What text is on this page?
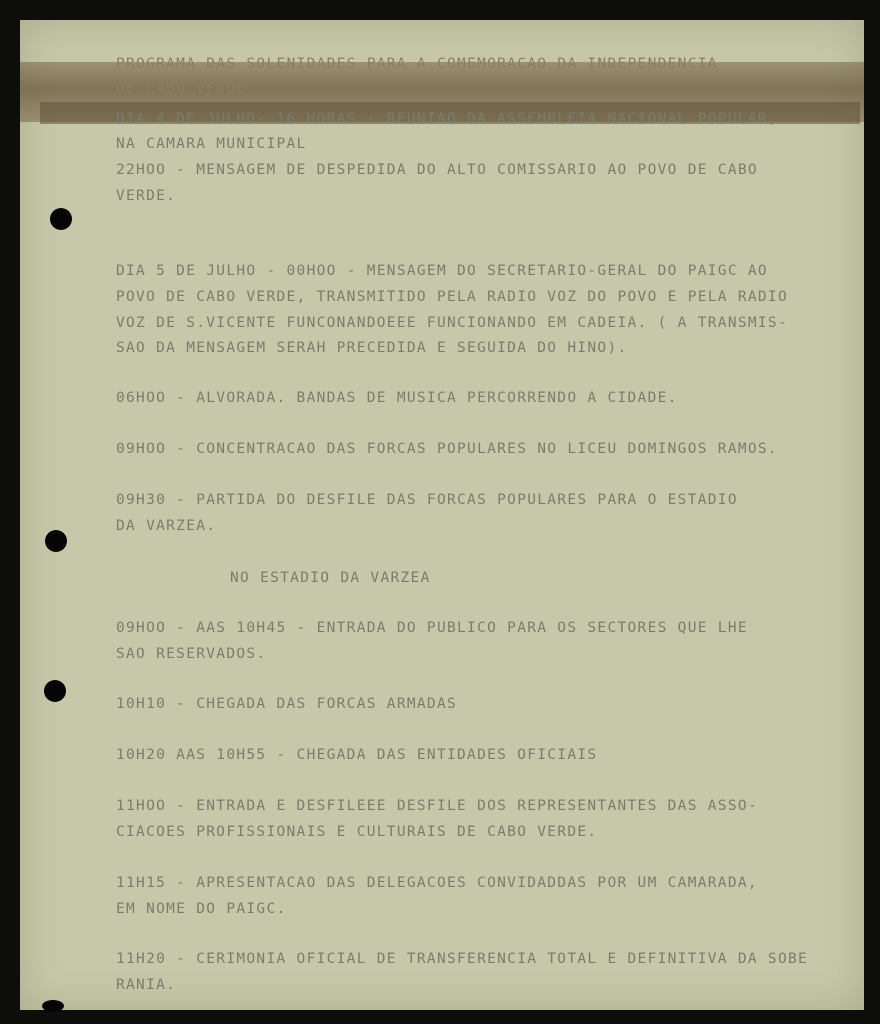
PROGRAMA DAS SOLENIDADES PARA A COMEMORACAO DA INDEPENDENCIA

DE CABO VERDE

DIA 4 DE JULHO- 16 HORAS - REUNIAO DA ASSEMBLEIA NACIONAL POPULAR,

NA CAMARA MUNICIPAL

22HOO - MENSAGEM DE DESPEDIDA DO ALTO COMISSARIO AO POVO DE CABO

VERDE.

DIA 5 DE JULHO - 00HOO - MENSAGEM DO SECRETARIO-GERAL DO PAIGC AO

POVO DE CABO VERDE, TRANSMITIDO PELA RADIO VOZ DO POVO E PELA RADIO

VOZ DE S.VICENTE FUNCONANDOEEE FUNCIONANDO EM CADEIA. ( A TRANSMIS-

SAO DA MENSAGEM SERAH PRECEDIDA E SEGUIDA DO HINO).

06HOO - ALVORADA. BANDAS DE MUSICA PERCORRENDO A CIDADE.

09HOO - CONCENTRACAO DAS FORCAS POPULARES NO LICEU DOMINGOS RAMOS.

09H30 - PARTIDA DO DESFILE DAS FORCAS POPULARES PARA O ESTADIO

DA VARZEA.

NO ESTADIO DA VARZEA

09HOO - AAS 10H45 - ENTRADA DO PUBLICO PARA OS SECTORES QUE LHE

SAO RESERVADOS.

10H10 - CHEGADA DAS FORCAS ARMADAS

10H20 AAS 10H55 - CHEGADA DAS ENTIDADES OFICIAIS

11HOO - ENTRADA E DESFILEEE DESFILE DOS REPRESENTANTES DAS ASSO-

CIACOES PROFISSIONAIS E CULTURAIS DE CABO VERDE.

11H15 - APRESENTACAO DAS DELEGACOES CONVIDADDAS POR UM CAMARADA,

EM NOME DO PAIGC.

11H20 - CERIMONIA OFICIAL DE TRANSFERENCIA TOTAL E DEFINITIVA DA SOBE

RANIA.
